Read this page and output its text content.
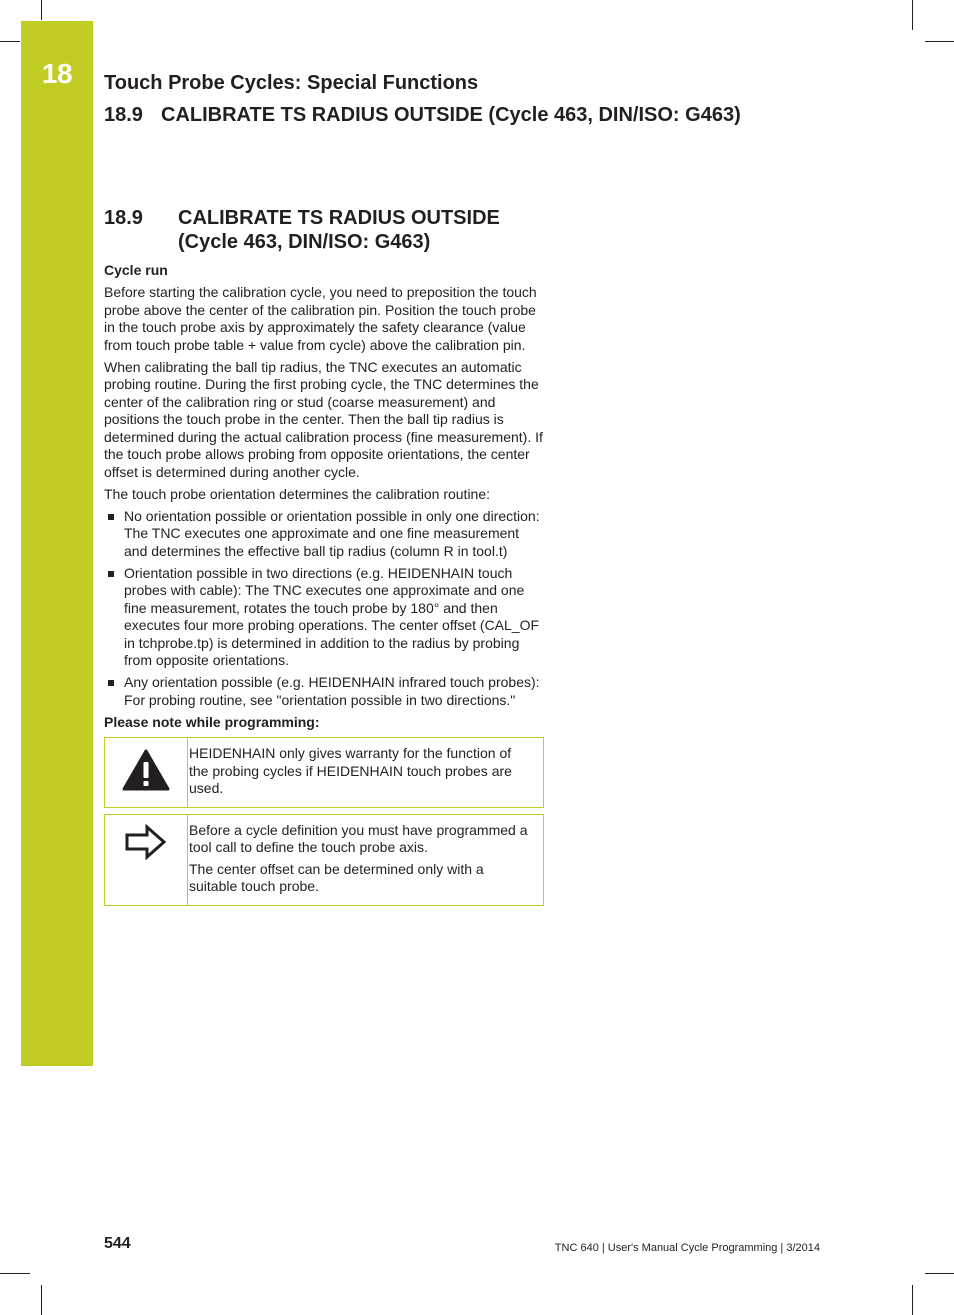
18	Touch Probe Cycles: Special Functions
18.9 CALIBRATE TS RADIUS OUTSIDE (Cycle 463, DIN/ISO: G463)
18.9 CALIBRATE TS RADIUS OUTSIDE
(Cycle 463, DIN/ISO: G463)

Cycle run

Before starting the calibration cycle, you need to preposition the touch probe above the center of the calibration pin. Position the touch probe in the touch probe axis by approximately the safety clearance (value from touch probe table + value from cycle) above the calibration pin.

When calibrating the ball tip radius, the TNC executes an automatic probing routine. During the first probing cycle, the TNC determines the center of the calibration ring or stud (coarse measurement) and positions the touch probe in the center. Then the ball tip radius is determined during the actual calibration process (fine measurement). If the touch probe allows probing from opposite orientations, the center offset is determined during another cycle.

The touch probe orientation determines the calibration routine:

No orientation possible or orientation possible in only one direction: The TNC executes one approximate and one fine measurement and determines the effective ball tip radius (column R in tool.t)
Orientation possible in two directions (e.g. HEIDENHAIN touch probes with cable): The TNC executes one approximate and one fine measurement, rotates the touch probe by 180° and then executes four more probing operations. The center offset (CAL_OF in tchprobe.tp) is determined in addition to the radius by probing from opposite orientations.
Any orientation possible (e.g. HEIDENHAIN infrared touch probes): For probing routine, see "orientation possible in two directions."

Please note while programming:

HEIDENHAIN only gives warranty for the function of the probing cycles if HEIDENHAIN touch probes are used.

Before a cycle definition you must have programmed a tool call to define the touch probe axis.

The center offset can be determined only with a suitable touch probe.

544	TNC 640 | User's Manual Cycle Programming | 3/2014
